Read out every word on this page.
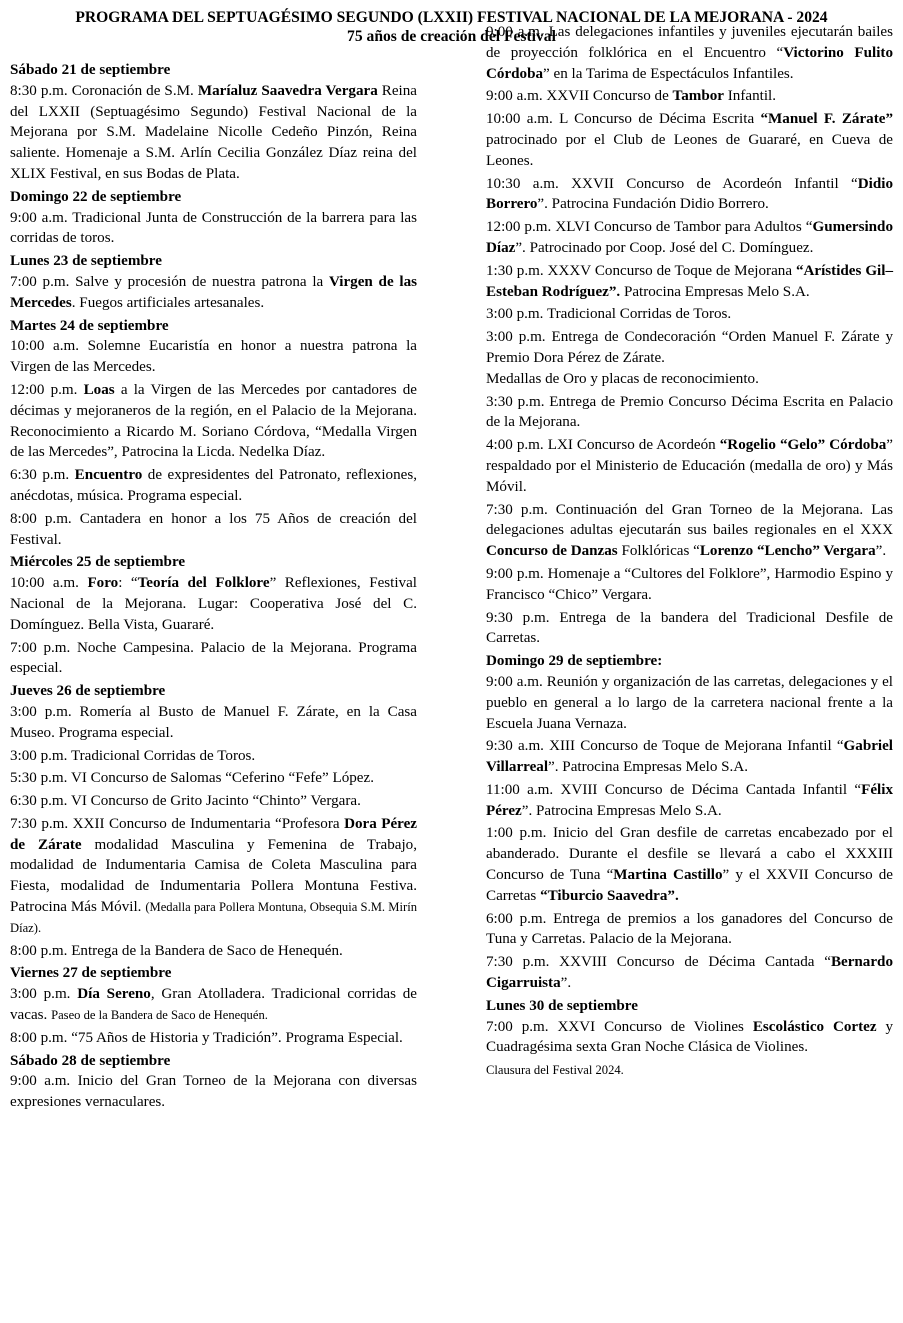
PROGRAMA DEL SEPTUAGÉSIMO SEGUNDO (LXXII) FESTIVAL NACIONAL DE LA MEJORANA - 2024
75 años de creación del Festival
Sábado 21 de septiembre
8:30 p.m. Coronación de S.M. Maríaluz Saavedra Vergara Reina del LXXII (Septuagésimo Segundo) Festival Nacional de la Mejorana por S.M. Madelaine Nicolle Cedeño Pinzón, Reina saliente. Homenaje a S.M. Arlín Cecilia González Díaz reina del XLIX Festival, en sus Bodas de Plata.
Domingo 22 de septiembre
9:00 a.m. Tradicional Junta de Construcción de la barrera para las corridas de toros.
Lunes 23 de septiembre
7:00 p.m. Salve y procesión de nuestra patrona la Virgen de las Mercedes. Fuegos artificiales artesanales.
Martes 24 de septiembre
10:00 a.m. Solemne Eucaristía en honor a nuestra patrona la Virgen de las Mercedes.
12:00 p.m. Loas a la Virgen de las Mercedes por cantadores de décimas y mejoraneros de la región, en el Palacio de la Mejorana. Reconocimiento a Ricardo M. Soriano Córdova, “Medalla Virgen de las Mercedes”, Patrocina la Licda. Nedelka Díaz.
6:30 p.m. Encuentro de expresidentes del Patronato, reflexiones, anécdotas, música. Programa especial.
8:00 p.m. Cantadera en honor a los 75 Años de creación del Festival.
Miércoles 25 de septiembre
10:00 a.m. Foro: “Teoría del Folklore” Reflexiones, Festival Nacional de la Mejorana. Lugar: Cooperativa José del C. Domínguez. Bella Vista, Guararé.
7:00 p.m. Noche Campesina. Palacio de la Mejorana. Programa especial.
Jueves 26 de septiembre
3:00 p.m. Romería al Busto de Manuel F. Zárate, en la Casa Museo. Programa especial.
3:00 p.m. Tradicional Corridas de Toros.
5:30 p.m. VI Concurso de Salomas “Ceferino “Fefe” López.
6:30 p.m. VI Concurso de Grito Jacinto “Chinto” Vergara.
7:30 p.m. XXII Concurso de Indumentaria “Profesora Dora Pérez de Zárate modalidad Masculina y Femenina de Trabajo, modalidad de Indumentaria Camisa de Coleta Masculina para Fiesta, modalidad de Indumentaria Pollera Montuna Festiva. Patrocina Más Móvil. (Medalla para Pollera Montuna, Obsequia S.M. Mirín Díaz).
8:00 p.m. Entrega de la Bandera de Saco de Henequén.
Viernes 27 de septiembre
3:00 p.m. Día Sereno, Gran Atolladera. Tradicional corridas de vacas. Paseo de la Bandera de Saco de Henequén.
8:00 p.m. “75 Años de Historia y Tradición”. Programa Especial.
Sábado 28 de septiembre
9:00 a.m. Inicio del Gran Torneo de la Mejorana con diversas expresiones vernaculares.
9:00 a.m. Las delegaciones infantiles y juveniles ejecutarán bailes de proyección folklórica en el Encuentro “Victorino Fulito Córdoba” en la Tarima de Espectáculos Infantiles.
9:00 a.m. XXVII Concurso de Tambor Infantil.
10:00 a.m. L Concurso de Décima Escrita “Manuel F. Zárate” patrocinado por el Club de Leones de Guararé, en Cueva de Leones.
10:30 a.m. XXVII Concurso de Acordeón Infantil “Didio Borrero”. Patrocina Fundación Didio Borrero.
12:00 p.m. XLVI Concurso de Tambor para Adultos “Gumersindo Díaz”. Patrocinado por Coop. José del C. Domínguez.
1:30 p.m. XXXV Concurso de Toque de Mejorana “Arístides Gil–Esteban Rodríguez”. Patrocina Empresas Melo S.A.
3:00 p.m. Tradicional Corridas de Toros.
3:00 p.m. Entrega de Condecoración “Orden Manuel F. Zárate y Premio Dora Pérez de Zárate.
Medallas de Oro y placas de reconocimiento.
3:30 p.m. Entrega de Premio Concurso Décima Escrita en Palacio de la Mejorana.
4:00 p.m. LXI Concurso de Acordeón “Rogelio “Gelo” Córdoba” respaldado por el Ministerio de Educación (medalla de oro) y Más Móvil.
7:30 p.m. Continuación del Gran Torneo de la Mejorana. Las delegaciones adultas ejecutarán sus bailes regionales en el XXX Concurso de Danzas Folklóricas “Lorenzo “Lencho” Vergara”.
9:00 p.m. Homenaje a “Cultores del Folklore”, Harmodio Espino y Francisco “Chico” Vergara.
9:30 p.m. Entrega de la bandera del Tradicional Desfile de Carretas.
Domingo 29 de septiembre:
9:00 a.m. Reunión y organización de las carretas, delegaciones y el pueblo en general a lo largo de la carretera nacional frente a la Escuela Juana Vernaza.
9:30 a.m. XIII Concurso de Toque de Mejorana Infantil “Gabriel Villarreal”. Patrocina Empresas Melo S.A.
11:00 a.m. XVIII Concurso de Décima Cantada Infantil “Félix Pérez”. Patrocina Empresas Melo S.A.
1:00 p.m. Inicio del Gran desfile de carretas encabezado por el abanderado. Durante el desfile se llevará a cabo el XXXIII Concurso de Tuna “Martina Castillo” y el XXVII Concurso de Carretas “Tiburcio Saavedra”.
6:00 p.m. Entrega de premios a los ganadores del Concurso de Tuna y Carretas. Palacio de la Mejorana.
7:30 p.m. XXVIII Concurso de Décima Cantada “Bernardo Cigarruista”.
Lunes 30 de septiembre
7:00 p.m. XXVI Concurso de Violines Escolástico Cortez y Cuadragésima sexta Gran Noche Clásica de Violines.
Clausura del Festival 2024.
